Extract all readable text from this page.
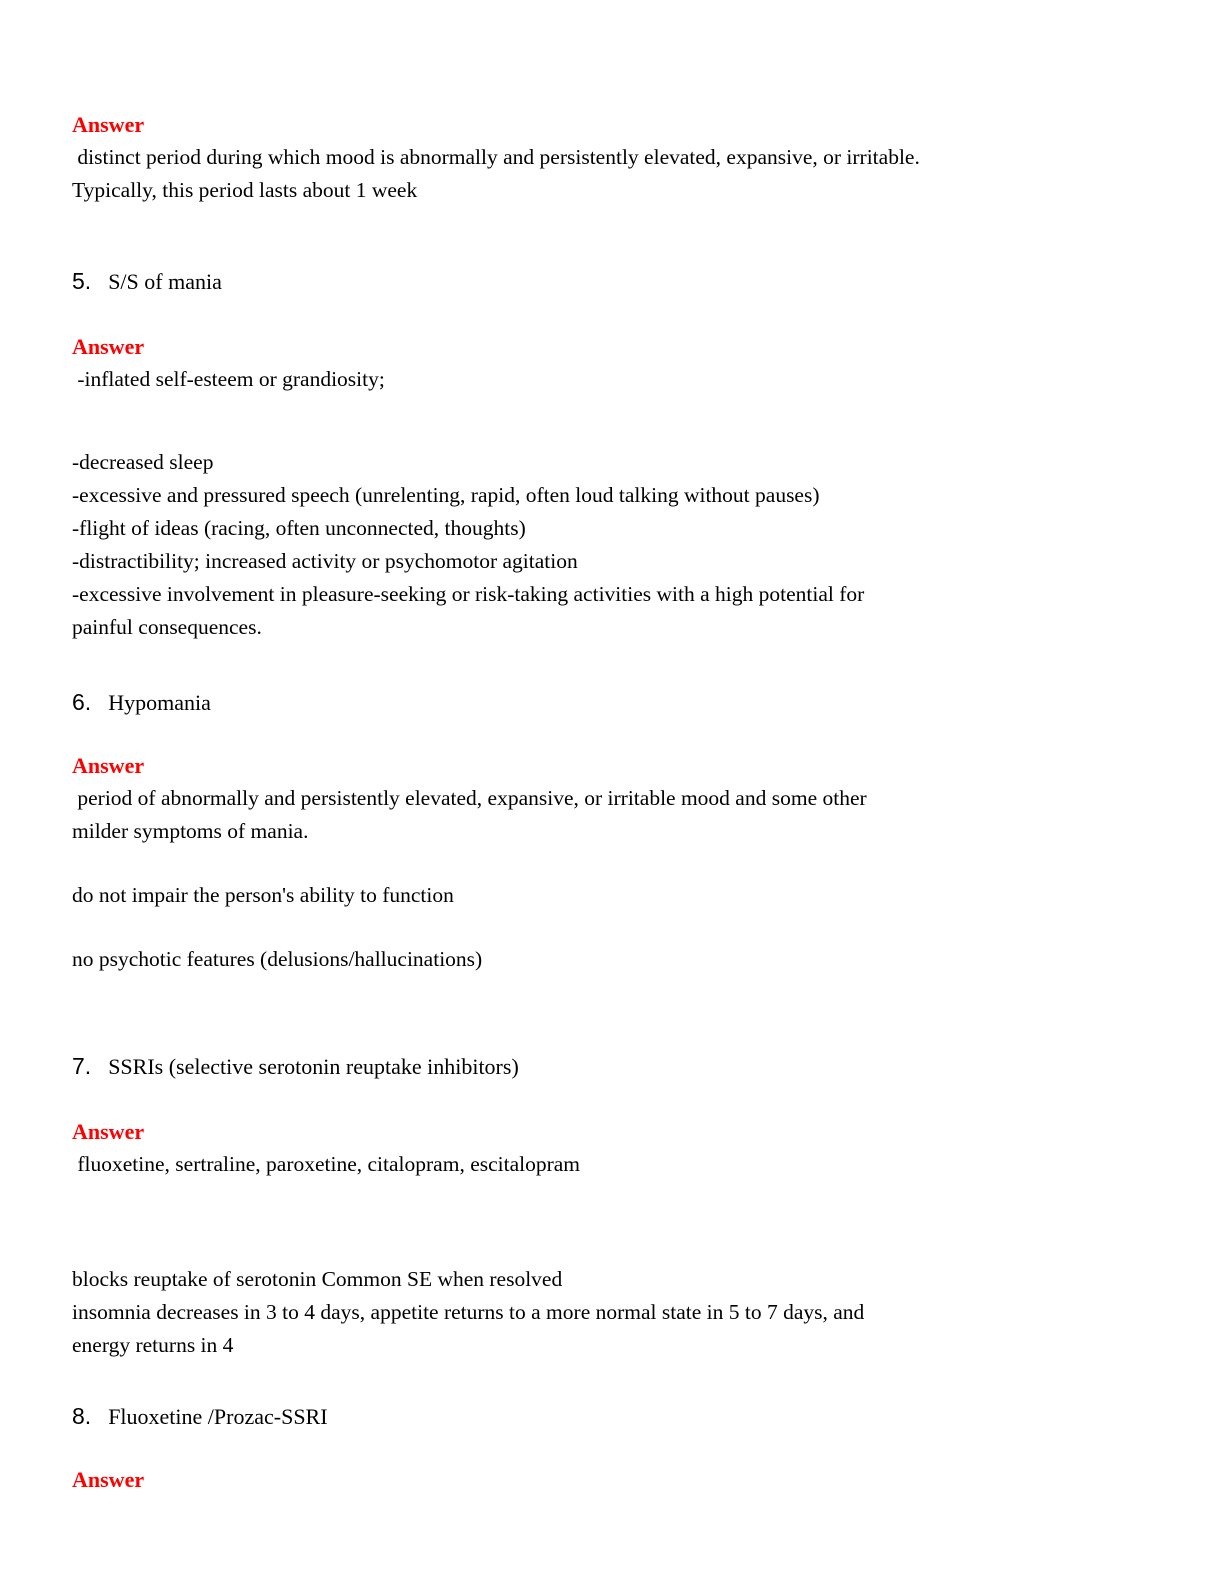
Answer
distinct period during which mood is abnormally and persistently elevated, expansive, or irritable.
Typically, this period lasts about 1 week
5. S/S of mania
Answer
-inflated self-esteem or grandiosity;
-decreased sleep
-excessive and pressured speech (unrelenting, rapid, often loud talking without pauses)
-flight of ideas (racing, often unconnected, thoughts)
-distractibility; increased activity or psychomotor agitation
-excessive involvement in pleasure-seeking or risk-taking activities with a high potential for
painful consequences.
6. Hypomania
Answer
period of abnormally and persistently elevated, expansive, or irritable mood and some other
milder symptoms of mania.
do not impair the person's ability to function
no psychotic features (delusions/hallucinations)
7. SSRIs (selective serotonin reuptake inhibitors)
Answer
fluoxetine, sertraline, paroxetine, citalopram, escitalopram
blocks reuptake of serotonin Common SE when resolved
insomnia decreases in 3 to 4 days, appetite returns to a more normal state in 5 to 7 days, and
energy returns in 4
8. Fluoxetine /Prozac-SSRI
Answer
